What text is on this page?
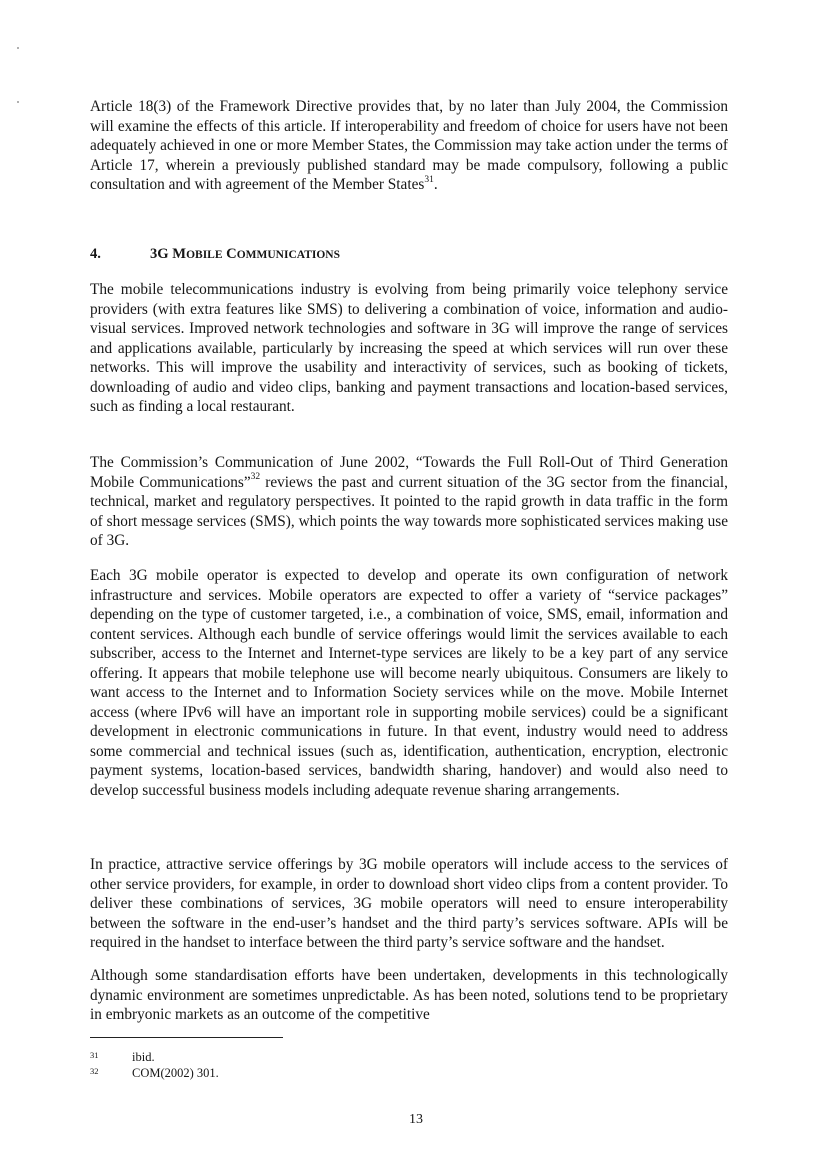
Article 18(3) of the Framework Directive provides that, by no later than July 2004, the Commission will examine the effects of this article. If interoperability and freedom of choice for users have not been adequately achieved in one or more Member States, the Commission may take action under the terms of Article 17, wherein a previously published standard may be made compulsory, following a public consultation and with agreement of the Member States$^{31}$.

4.	3G MOBILE COMMUNICATIONS

The mobile telecommunications industry is evolving from being primarily voice telephony service providers (with extra features like SMS) to delivering a combination of voice, information and audio-visual services. Improved network technologies and software in 3G will improve the range of services and applications available, particularly by increasing the speed at which services will run over these networks. This will improve the usability and interactivity of services, such as booking of tickets, downloading of audio and video clips, banking and payment transactions and location-based services, such as finding a local restaurant.

The Commission’s Communication of June 2002, “Towards the Full Roll-Out of Third Generation Mobile Communications”$^{32}$ reviews the past and current situation of the 3G sector from the financial, technical, market and regulatory perspectives. It pointed to the rapid growth in data traffic in the form of short message services (SMS), which points the way towards more sophisticated services making use of 3G.

Each 3G mobile operator is expected to develop and operate its own configuration of network infrastructure and services. Mobile operators are expected to offer a variety of “service packages” depending on the type of customer targeted, i.e., a combination of voice, SMS, email, information and content services. Although each bundle of service offerings would limit the services available to each subscriber, access to the Internet and Internet-type services are likely to be a key part of any service offering. It appears that mobile telephone use will become nearly ubiquitous. Consumers are likely to want access to the Internet and to Information Society services while on the move. Mobile Internet access (where IPv6 will have an important role in supporting mobile services) could be a significant development in electronic communications in future. In that event, industry would need to address some commercial and technical issues (such as, identification, authentication, encryption, electronic payment systems, location-based services, bandwidth sharing, handover) and would also need to develop successful business models including adequate revenue sharing arrangements.

In practice, attractive service offerings by 3G mobile operators will include access to the services of other service providers, for example, in order to download short video clips from a content provider. To deliver these combinations of services, 3G mobile operators will need to ensure interoperability between the software in the end-user’s handset and the third party’s services software. APIs will be required in the handset to interface between the third party’s service software and the handset.

Although some standardisation efforts have been undertaken, developments in this technologically dynamic environment are sometimes unpredictable. As has been noted, solutions tend to be proprietary in embryonic markets as an outcome of the competitive

31	ibid.
32	COM(2002) 301.
13
